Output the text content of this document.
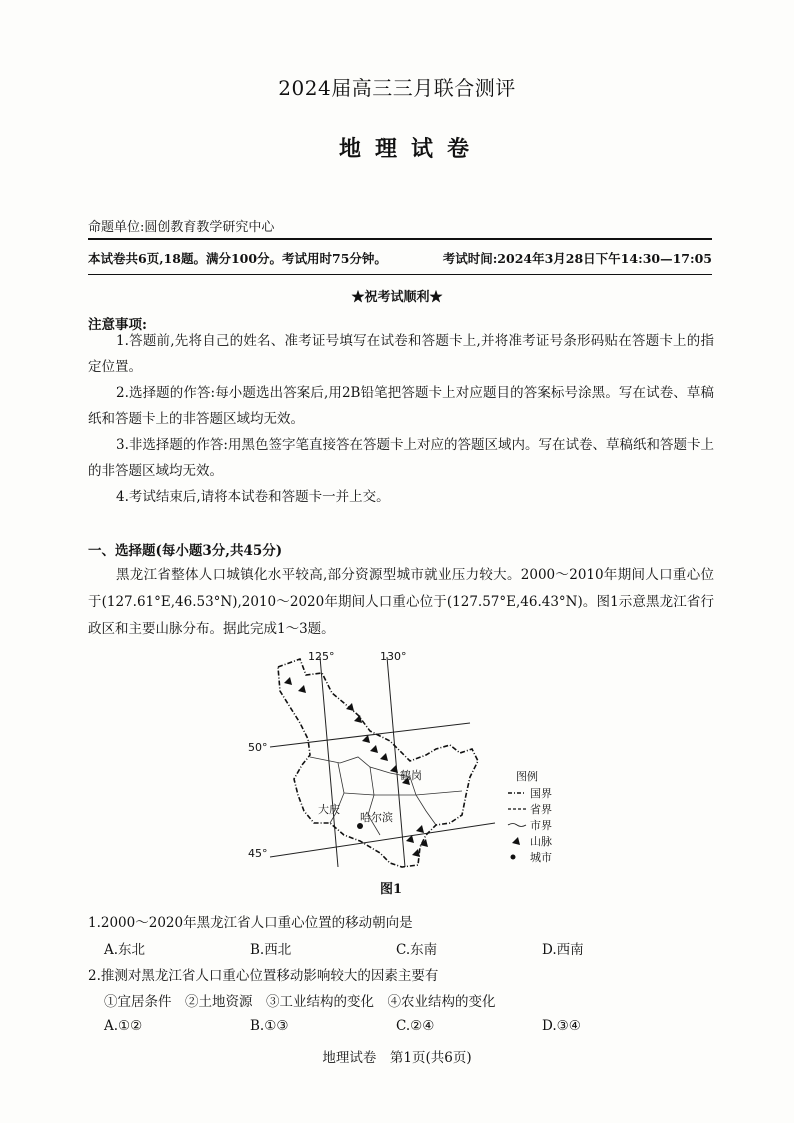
2024届高三三月联合测评
地理试卷
命题单位:圆创教育教学研究中心
本试卷共6页,18题。满分100分。考试用时75分钟。	考试时间:2024年3月28日下午14:30—17:05
★祝考试顺利★
注意事项:
1.答题前,先将自己的姓名、准考证号填写在试卷和答题卡上,并将准考证号条形码贴在答题卡上的指定位置。
2.选择题的作答:每小题选出答案后,用2B铅笔把答题卡上对应题目的答案标号涂黑。写在试卷、草稿纸和答题卡上的非答题区域均无效。
3.非选择题的作答:用黑色签字笔直接答在答题卡上对应的答题区域内。写在试卷、草稿纸和答题卡上的非答题区域均无效。
4.考试结束后,请将本试卷和答题卡一并上交。
一、选择题(每小题3分,共45分)
黑龙江省整体人口城镇化水平较高,部分资源型城市就业压力较大。2000～2010年期间人口重心位于(127.61°E,46.53°N),2010～2020年期间人口重心位于(127.57°E,46.43°N)。图1示意黑龙江省行政区和主要山脉分布。据此完成1～3题。
125°	130°
50°
45°
哈尔滨
大庆
鹤岗	图例
国界
省界
市界
山脉
城市
图1
1.2000～2020年黑龙江省人口重心位置的移动朝向是
A.东北	B.西北	C.东南	D.西南
2.推测对黑龙江省人口重心位置移动影响较大的因素主要有
①宜居条件　②土地资源　③工业结构的变化　④农业结构的变化
A.①②	B.①③	C.②④	D.③④
地理试卷　第1页(共6页)
